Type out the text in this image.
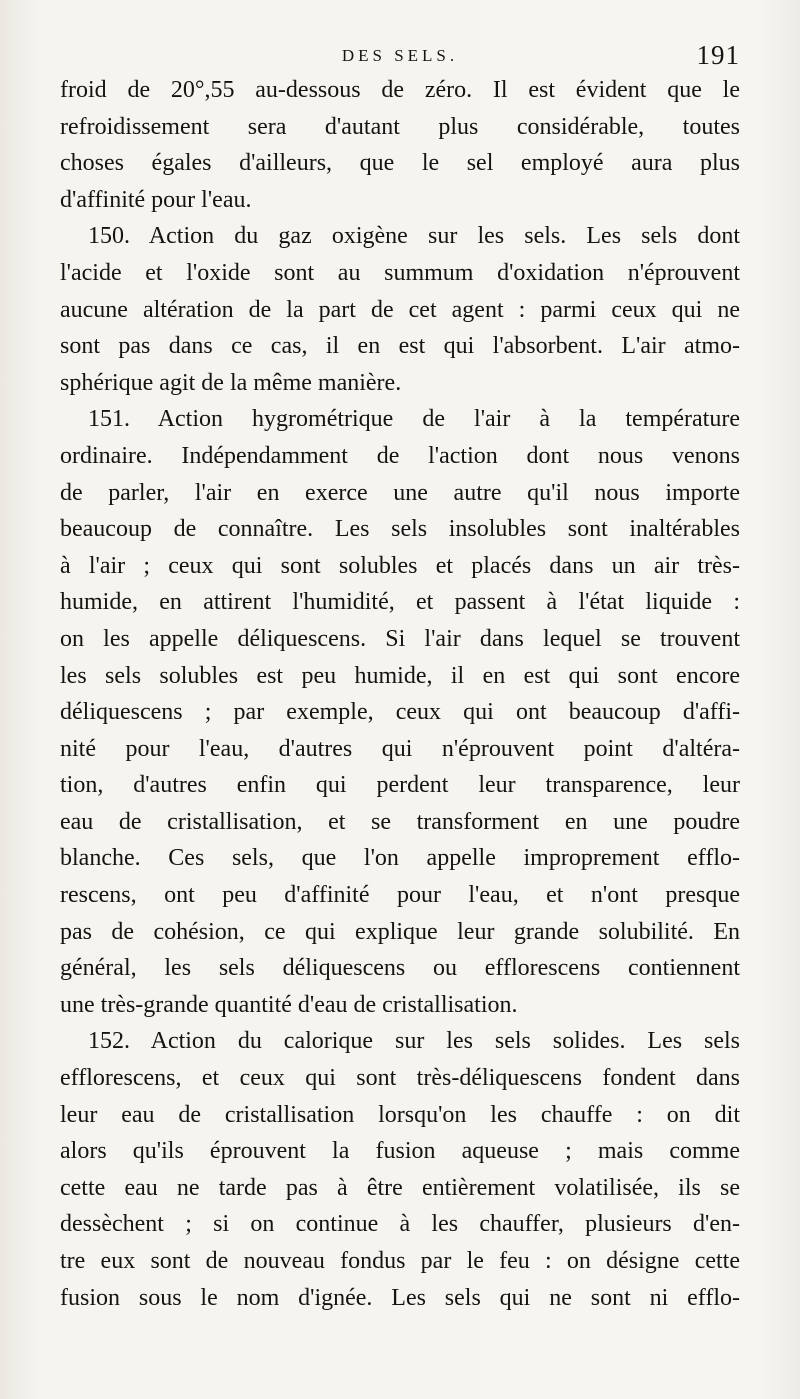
DES SELS.	191
froid de 20°,55 au-dessous de zéro. Il est évident que le
refroidissement sera d'autant plus considérable, toutes
choses égales d'ailleurs, que le sel employé aura plus
d'affinité pour l'eau.
150. Action du gaz oxigène sur les sels. Les sels dont
l'acide et l'oxide sont au summum d'oxidation n'éprouvent
aucune altération de la part de cet agent : parmi ceux qui ne
sont pas dans ce cas, il en est qui l'absorbent. L'air atmo-
sphérique agit de la même manière.
151. Action hygrométrique de l'air à la température
ordinaire. Indépendamment de l'action dont nous venons
de parler, l'air en exerce une autre qu'il nous importe
beaucoup de connaître. Les sels insolubles sont inaltérables
à l'air ; ceux qui sont solubles et placés dans un air très-
humide, en attirent l'humidité, et passent à l'état liquide :
on les appelle déliquescens. Si l'air dans lequel se trouvent
les sels solubles est peu humide, il en est qui sont encore
déliquescens ; par exemple, ceux qui ont beaucoup d'affi-
nité pour l'eau, d'autres qui n'éprouvent point d'altéra-
tion, d'autres enfin qui perdent leur transparence, leur
eau de cristallisation, et se transforment en une poudre
blanche. Ces sels, que l'on appelle improprement efflo-
rescens, ont peu d'affinité pour l'eau, et n'ont presque
pas de cohésion, ce qui explique leur grande solubilité. En
général, les sels déliquescens ou efflorescens contiennent
une très-grande quantité d'eau de cristallisation.
152. Action du calorique sur les sels solides. Les sels
efflorescens, et ceux qui sont très-déliquescens fondent dans
leur eau de cristallisation lorsqu'on les chauffe : on dit
alors qu'ils éprouvent la fusion aqueuse ; mais comme
cette eau ne tarde pas à être entièrement volatilisée, ils se
dessèchent ; si on continue à les chauffer, plusieurs d'en-
tre eux sont de nouveau fondus par le feu : on désigne cette
fusion sous le nom d'ignée. Les sels qui ne sont ni efflo-
